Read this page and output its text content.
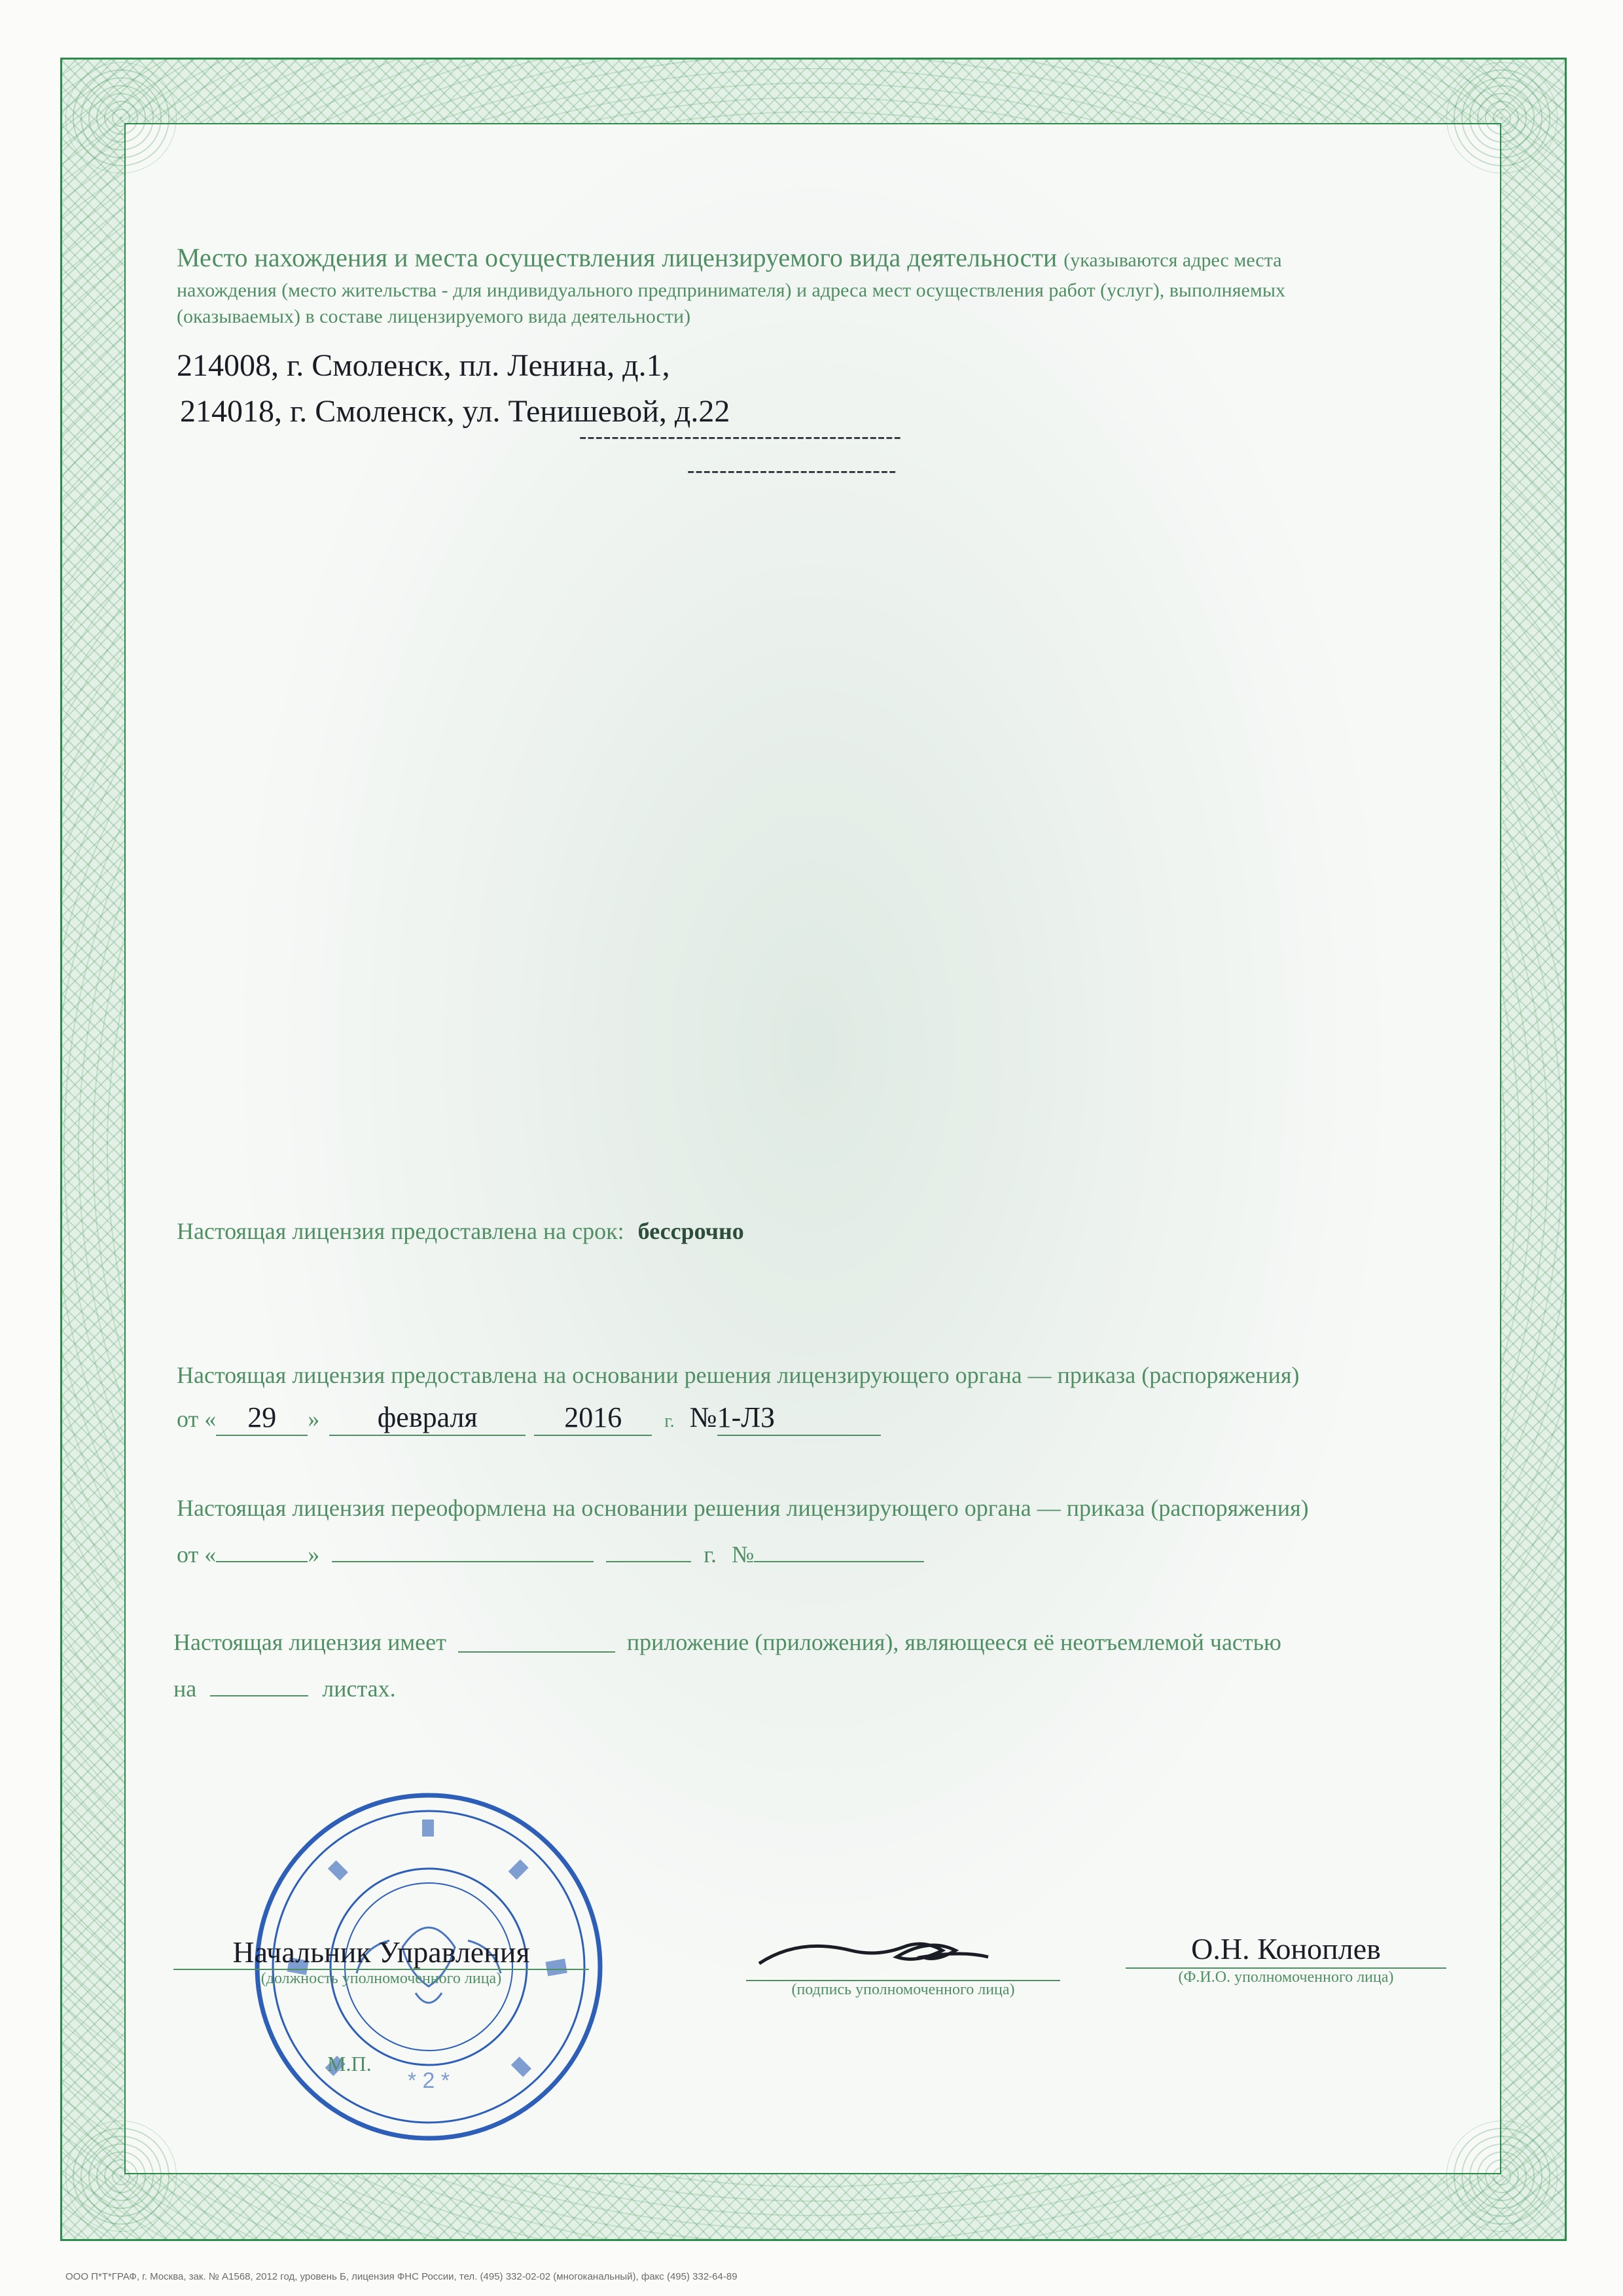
Место нахождения и места осуществления лицензируемого вида деятельности (указываются адрес места
нахождения (место жительства - для индивидуального предпринимателя) и адреса мест осуществления работ (услуг), выполняемых
(оказываемых) в составе лицензируемого вида деятельности)
214008, г. Смоленск, пл. Ленина, д.1,
214018, г. Смоленск, ул. Тенишевой, д.22
----------------------------------------
--------------------------
Настоящая лицензия предоставлена на срок: бессрочно
Настоящая лицензия предоставлена на основании решения лицензирующего органа — приказа (распоряжения)
от « 29 » февраля	2016 г. №1-ЛЗ
Настоящая лицензия переоформлена на основании решения лицензирующего органа — приказа (распоряжения)
от «	»	г. №
Настоящая лицензия имеет	приложение (приложения), являющееся её неотъемлемой частью
на	листах.
* 2 *
М.П.
Начальник Управления
(должность уполномоченного лица)
(подпись уполномоченного лица)
О.Н. Коноплев
(Ф.И.О. уполномоченного лица)
ООО П*Т*ГРАФ, г. Москва, зак. № А1568, 2012 год, уровень Б, лицензия ФНС России, тел. (495) 332-02-02 (многоканальный), факс (495) 332-64-89
